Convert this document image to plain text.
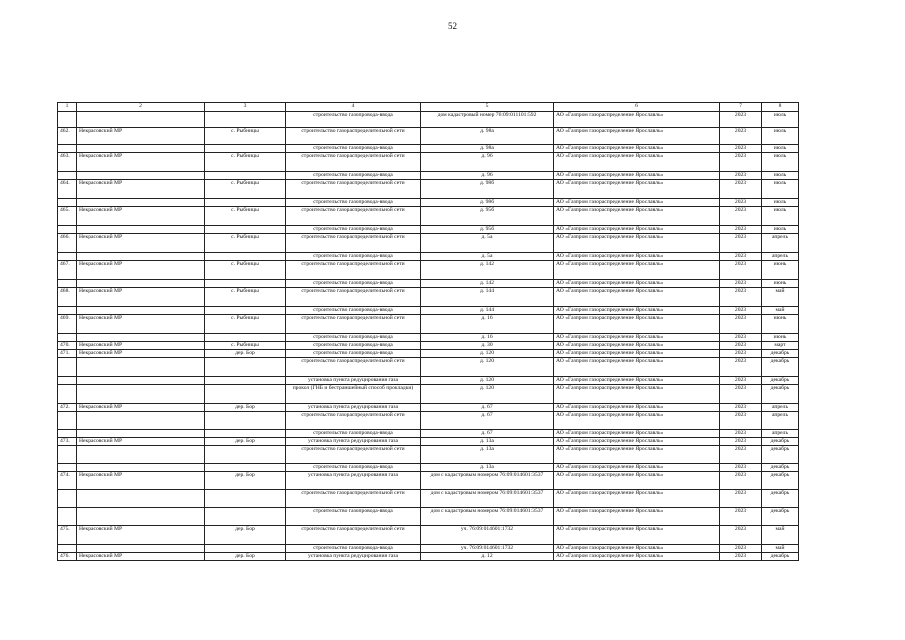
52
1	2	3	4	5	6	7	8
			строительство газопровода-ввода	дом кадастровый номер 76:09:011101:592	АО «Газпром газораспределение Ярославль»	2023	июль
462.	Некрасовский МР	с. Рыбницы	строительство газораспределительной сети	д. 98а	АО «Газпром газораспределение Ярославль»	2023	июль
			строительство газопровода-ввода	д. 98а	АО «Газпром газораспределение Ярославль»	2023	июль
463.	Некрасовский МР	с. Рыбницы	строительство газораспределительной сети	д. 96	АО «Газпром газораспределение Ярославль»	2023	июль
			строительство газопровода-ввода	д. 96	АО «Газпром газораспределение Ярославль»	2023	июль
464.	Некрасовский МР	с. Рыбницы	строительство газораспределительной сети	д. 98б	АО «Газпром газораспределение Ярославль»	2023	июль
			строительство газопровода-ввода	д. 98б	АО «Газпром газораспределение Ярославль»	2023	июль
465.	Некрасовский МР	с. Рыбницы	строительство газораспределительной сети	д. 95б	АО «Газпром газораспределение Ярославль»	2023	июль
			строительство газопровода-ввода	д. 95б	АО «Газпром газораспределение Ярославль»	2023	июль
466.	Некрасовский МР	с. Рыбницы	строительство газораспределительной сети	д. 5а	АО «Газпром газораспределение Ярославль»	2023	апрель
			строительство газопровода-ввода	д. 5а	АО «Газпром газораспределение Ярославль»	2023	апрель
467.	Некрасовский МР	с. Рыбницы	строительство газораспределительной сети	д. 142	АО «Газпром газораспределение Ярославль»	2023	июнь
			строительство газопровода-ввода	д. 142	АО «Газпром газораспределение Ярославль»	2023	июнь
468.	Некрасовский МР	с. Рыбницы	строительство газораспределительной сети	д. 144	АО «Газпром газораспределение Ярославль»	2023	май
			строительство газопровода-ввода	д. 144	АО «Газпром газораспределение Ярославль»	2023	май
469.	Некрасовский МР	с. Рыбницы	строительство газораспределительной сети	д. 16	АО «Газпром газораспределение Ярославль»	2023	июнь
			строительство газопровода-ввода	д. 16	АО «Газпром газораспределение Ярославль»	2023	июнь
470.	Некрасовский МР	с. Рыбницы	строительство газопровода-ввода	д. 30	АО «Газпром газораспределение Ярославль»	2023	март
471.	Некрасовский МР	дер. Бор	строительство газопровода-ввода	д. 120	АО «Газпром газораспределение Ярославль»	2023	декабрь
			строительство газораспределительной сети	д. 120	АО «Газпром газораспределение Ярославль»	2023	декабрь
			установка пункта редуцирования газа	д. 120	АО «Газпром газораспределение Ярославль»	2023	декабрь
			прокол (ГНБ и бестраншейный способ прокладки)	д. 120	АО «Газпром газораспределение Ярославль»	2023	декабрь
472.	Некрасовский МР	дер. Бор	установка пункта редуцирования газа	д. 67	АО «Газпром газораспределение Ярославль»	2023	апрель
			строительство газораспределительной сети	д. 67	АО «Газпром газораспределение Ярославль»	2023	апрель
			строительство газопровода-ввода	д. 67	АО «Газпром газораспределение Ярославль»	2023	апрель
473.	Некрасовский МР	дер. Бор	установка пункта редуцирования газа	д. 13а	АО «Газпром газораспределение Ярославль»	2023	декабрь
			строительство газораспределительной сети	д. 13а	АО «Газпром газораспределение Ярославль»	2023	декабрь
			строительство газопровода-ввода	д. 13а	АО «Газпром газораспределение Ярославль»	2023	декабрь
474.	Некрасовский МР	дер. Бор	установка пункта редуцирования газа	дом с кадастровым номером 76:09:014601:3537	АО «Газпром газораспределение Ярославль»	2023	декабрь
			строительство газораспределительной сети	дом с кадастровым номером 76:09:014601:3537	АО «Газпром газораспределение Ярославль»	2023	декабрь
			строительство газопровода-ввода	дом с кадастровым номером 76:09:014601:3537	АО «Газпром газораспределение Ярославль»	2023	декабрь
475.	Некрасовский МР	дер. Бор	строительство газораспределительной сети	уч. 76:09:014601:1732	АО «Газпром газораспределение Ярославль»	2023	май
			строительство газопровода-ввода	уч. 76:09:014601:1732	АО «Газпром газораспределение Ярославль»	2023	май
476.	Некрасовский МР	дер. Бор	установка пункта редуцирования газа	д. 12	АО «Газпром газораспределение Ярославль»	2023	декабрь
